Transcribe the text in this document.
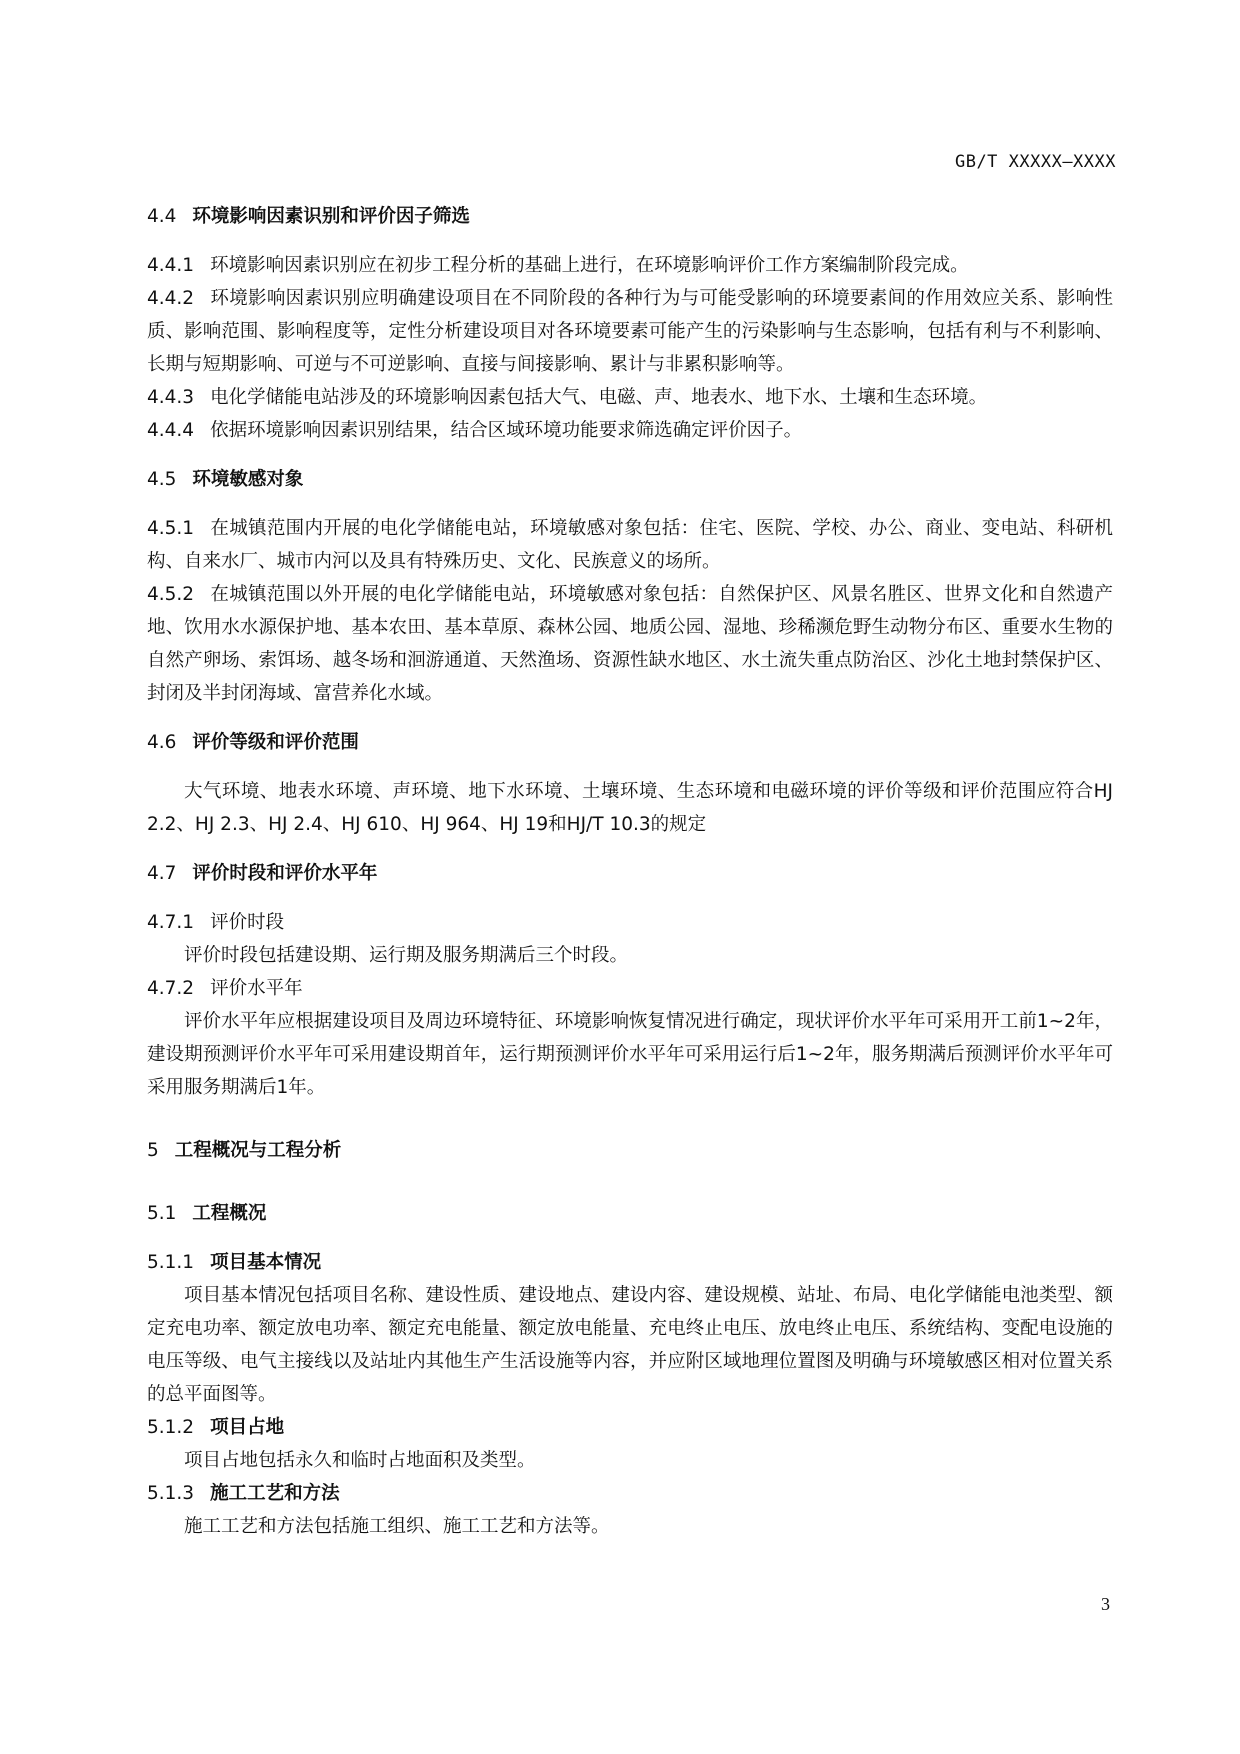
GB/T XXXXX—XXXX

4.4 环境影响因素识别和评价因子筛选

4.4.1 环境影响因素识别应在初步工程分析的基础上进行，在环境影响评价工作方案编制阶段完成。

4.4.2 环境影响因素识别应明确建设项目在不同阶段的各种行为与可能受影响的环境要素间的作用效应关系、影响性质、影响范围、影响程度等，定性分析建设项目对各环境要素可能产生的污染影响与生态影响，包括有利与不利影响、长期与短期影响、可逆与不可逆影响、直接与间接影响、累计与非累积影响等。

4.4.3 电化学储能电站涉及的环境影响因素包括大气、电磁、声、地表水、地下水、土壤和生态环境。

4.4.4 依据环境影响因素识别结果，结合区域环境功能要求筛选确定评价因子。

4.5 环境敏感对象

4.5.1 在城镇范围内开展的电化学储能电站，环境敏感对象包括：住宅、医院、学校、办公、商业、变电站、科研机构、自来水厂、城市内河以及具有特殊历史、文化、民族意义的场所。

4.5.2 在城镇范围以外开展的电化学储能电站，环境敏感对象包括：自然保护区、风景名胜区、世界文化和自然遗产地、饮用水水源保护地、基本农田、基本草原、森林公园、地质公园、湿地、珍稀濒危野生动物分布区、重要水生物的自然产卵场、索饵场、越冬场和洄游通道、天然渔场、资源性缺水地区、水土流失重点防治区、沙化土地封禁保护区、封闭及半封闭海域、富营养化水域。

4.6 评价等级和评价范围

大气环境、地表水环境、声环境、地下水环境、土壤环境、生态环境和电磁环境的评价等级和评价范围应符合HJ 2.2、HJ 2.3、HJ 2.4、HJ 610、HJ 964、HJ 19和HJ/T 10.3的规定

4.7 评价时段和评价水平年

4.7.1 评价时段

评价时段包括建设期、运行期及服务期满后三个时段。

4.7.2 评价水平年

评价水平年应根据建设项目及周边环境特征、环境影响恢复情况进行确定，现状评价水平年可采用开工前1~2年，建设期预测评价水平年可采用建设期首年，运行期预测评价水平年可采用运行后1~2年，服务期满后预测评价水平年可采用服务期满后1年。

5 工程概况与工程分析

5.1 工程概况

5.1.1 项目基本情况

项目基本情况包括项目名称、建设性质、建设地点、建设内容、建设规模、站址、布局、电化学储能电池类型、额定充电功率、额定放电功率、额定充电能量、额定放电能量、充电终止电压、放电终止电压、系统结构、变配电设施的电压等级、电气主接线以及站址内其他生产生活设施等内容，并应附区域地理位置图及明确与环境敏感区相对位置关系的总平面图等。

5.1.2 项目占地

项目占地包括永久和临时占地面积及类型。

5.1.3 施工工艺和方法

施工工艺和方法包括施工组织、施工工艺和方法等。

3
